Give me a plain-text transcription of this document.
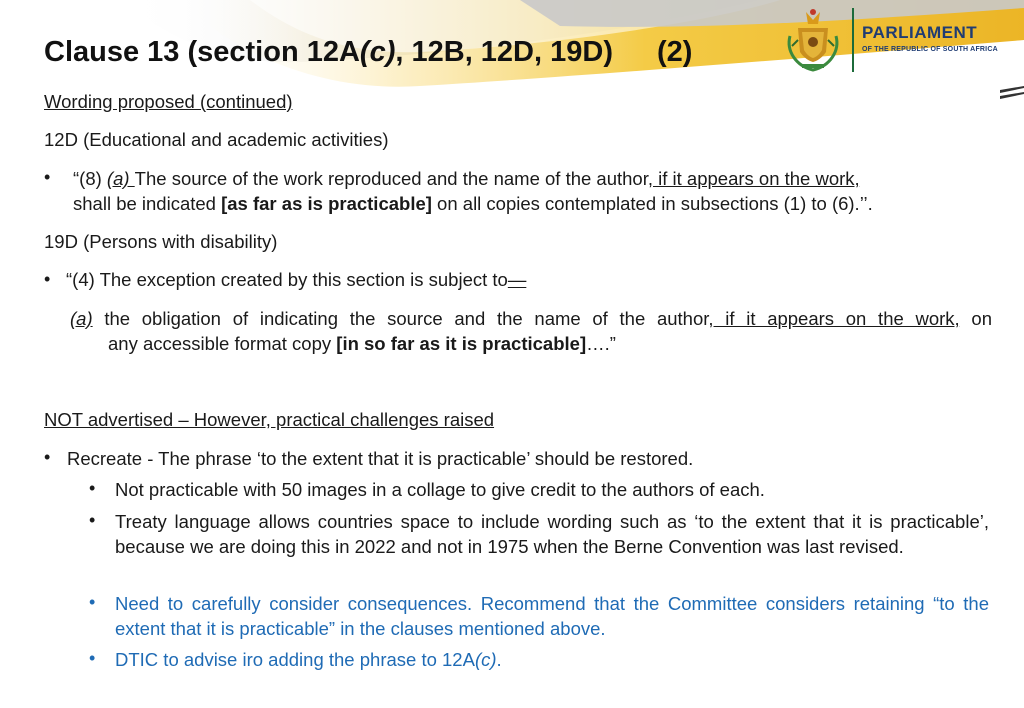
PARLIAMENT
OF THE REPUBLIC OF SOUTH AFRICA
Clause 13 (section 12A(c), 12B, 12D, 19D) (2)
Wording proposed (continued)
12D (Educational and academic activities)
• “(8) (a) The source of the work reproduced and the name of the author, if it appears on the work,
shall be indicated [as far as is practicable] on all copies contemplated in subsections (1) to (6).’’.
19D (Persons with disability)
• “(4) The exception created by this section is subject to—
(a) the obligation of indicating the source and the name of the author, if it appears on the work, on
any accessible format copy [in so far as it is practicable]….”
NOT advertised – However, practical challenges raised
• Recreate - The phrase ‘to the extent that it is practicable’ should be restored.
• Not practicable with 50 images in a collage to give credit to the authors of each.
• Treaty language allows countries space to include wording such as ‘to the extent that it is practicable’, because we are doing this in 2022 and not in 1975 when the Berne Convention was last revised.
• Need to carefully consider consequences. Recommend that the Committee considers retaining “to the extent that it is practicable” in the clauses mentioned above.
• DTIC to advise iro adding the phrase to 12A(c).
